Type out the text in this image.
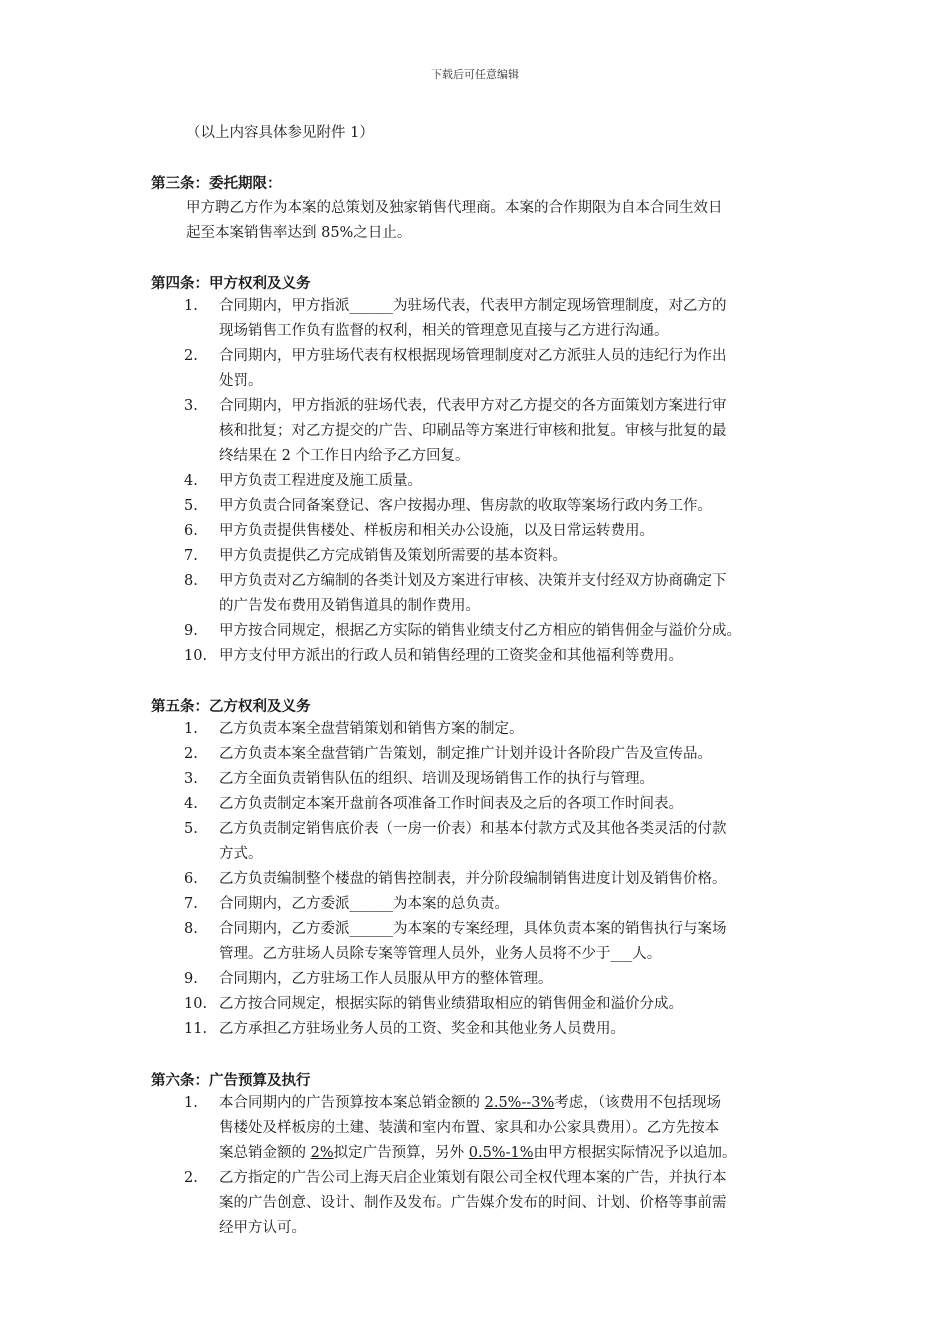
下载后可任意编辑
（以上内容具体参见附件 1）
第三条：委托期限：
甲方聘乙方作为本案的总策划及独家销售代理商。本案的合作期限为自本合同生效日
起至本案销售率达到 85%之日止。
第四条：甲方权利及义务
1. 合同期内，甲方指派______为驻场代表，代表甲方制定现场管理制度，对乙方的
现场销售工作负有监督的权利，相关的管理意见直接与乙方进行沟通。
2. 合同期内，甲方驻场代表有权根据现场管理制度对乙方派驻人员的违纪行为作出
处罚。
3. 合同期内，甲方指派的驻场代表，代表甲方对乙方提交的各方面策划方案进行审
核和批复；对乙方提交的广告、印刷品等方案进行审核和批复。审核与批复的最
终结果在 2 个工作日内给予乙方回复。
4. 甲方负责工程进度及施工质量。
5. 甲方负责合同备案登记、客户按揭办理、售房款的收取等案场行政内务工作。
6. 甲方负责提供售楼处、样板房和相关办公设施，以及日常运转费用。
7. 甲方负责提供乙方完成销售及策划所需要的基本资料。
8. 甲方负责对乙方编制的各类计划及方案进行审核、决策并支付经双方协商确定下
的广告发布费用及销售道具的制作费用。
9. 甲方按合同规定，根据乙方实际的销售业绩支付乙方相应的销售佣金与溢价分成。
10. 甲方支付甲方派出的行政人员和销售经理的工资奖金和其他福利等费用。
第五条：乙方权利及义务
1. 乙方负责本案全盘营销策划和销售方案的制定。
2. 乙方负责本案全盘营销广告策划，制定推广计划并设计各阶段广告及宣传品。
3. 乙方全面负责销售队伍的组织、培训及现场销售工作的执行与管理。
4. 乙方负责制定本案开盘前各项准备工作时间表及之后的各项工作时间表。
5. 乙方负责制定销售底价表（一房一价表）和基本付款方式及其他各类灵活的付款
方式。
6. 乙方负责编制整个楼盘的销售控制表，并分阶段编制销售进度计划及销售价格。
7. 合同期内，乙方委派______为本案的总负责。
8. 合同期内，乙方委派______为本案的专案经理，具体负责本案的销售执行与案场
管理。乙方驻场人员除专案等管理人员外，业务人员将不少于___人。
9. 合同期内，乙方驻场工作人员服从甲方的整体管理。
10. 乙方按合同规定，根据实际的销售业绩猎取相应的销售佣金和溢价分成。
11. 乙方承担乙方驻场业务人员的工资、奖金和其他业务人员费用。
第六条：广告预算及执行
1. 本合同期内的广告预算按本案总销金额的 2.5%--3%考虑，（该费用不包括现场
售楼处及样板房的土建、装潢和室内布置、家具和办公家具费用）。乙方先按本
案总销金额的 2%拟定广告预算，另外 0.5%-1%由甲方根据实际情况予以追加。
2. 乙方指定的广告公司上海天启企业策划有限公司全权代理本案的广告，并执行本
案的广告创意、设计、制作及发布。广告媒介发布的时间、计划、价格等事前需
经甲方认可。
